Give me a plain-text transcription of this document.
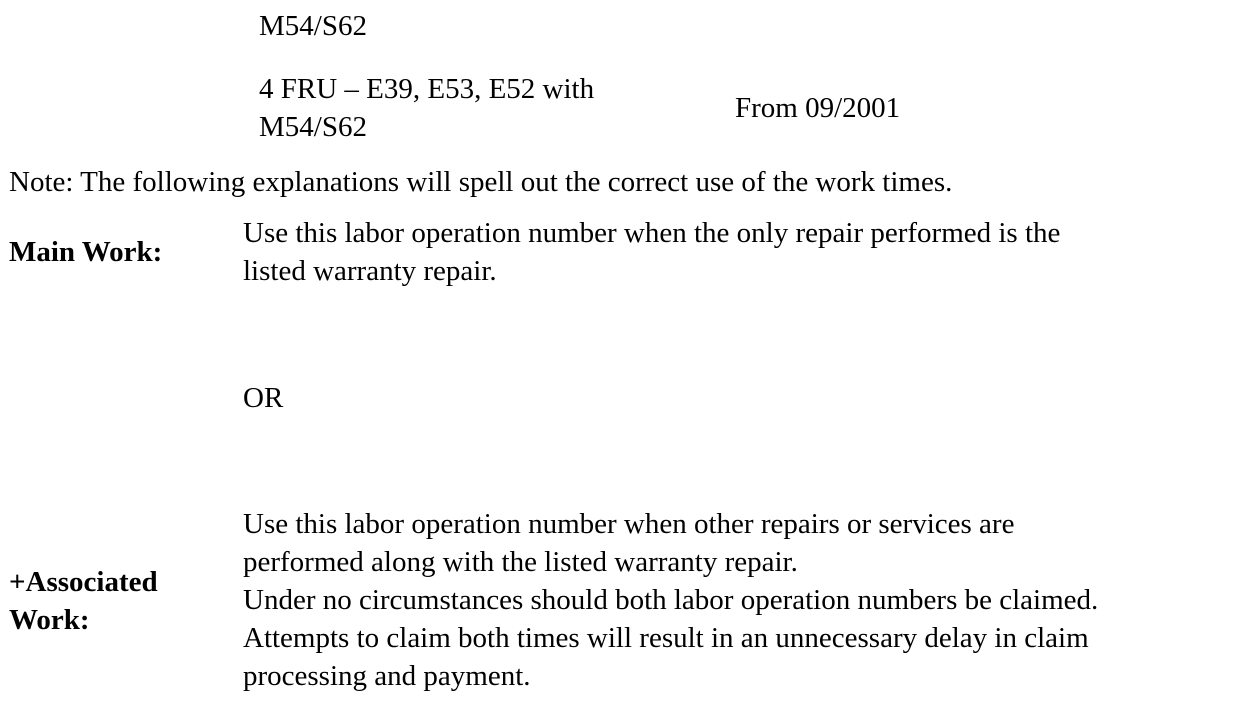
M54/S62

4 FRU – E39, E53, E52 with
M54/S62

From 09/2001

Note: The following explanations will spell out the correct use of the work times.

Main Work:

Use this labor operation number when the only repair performed is the
listed warranty repair.

OR

+Associated
Work:
Use this labor operation number when other repairs or services are
performed along with the listed warranty repair.
Under no circumstances should both labor operation numbers be claimed.
Attempts to claim both times will result in an unnecessary delay in claim
processing and payment.
